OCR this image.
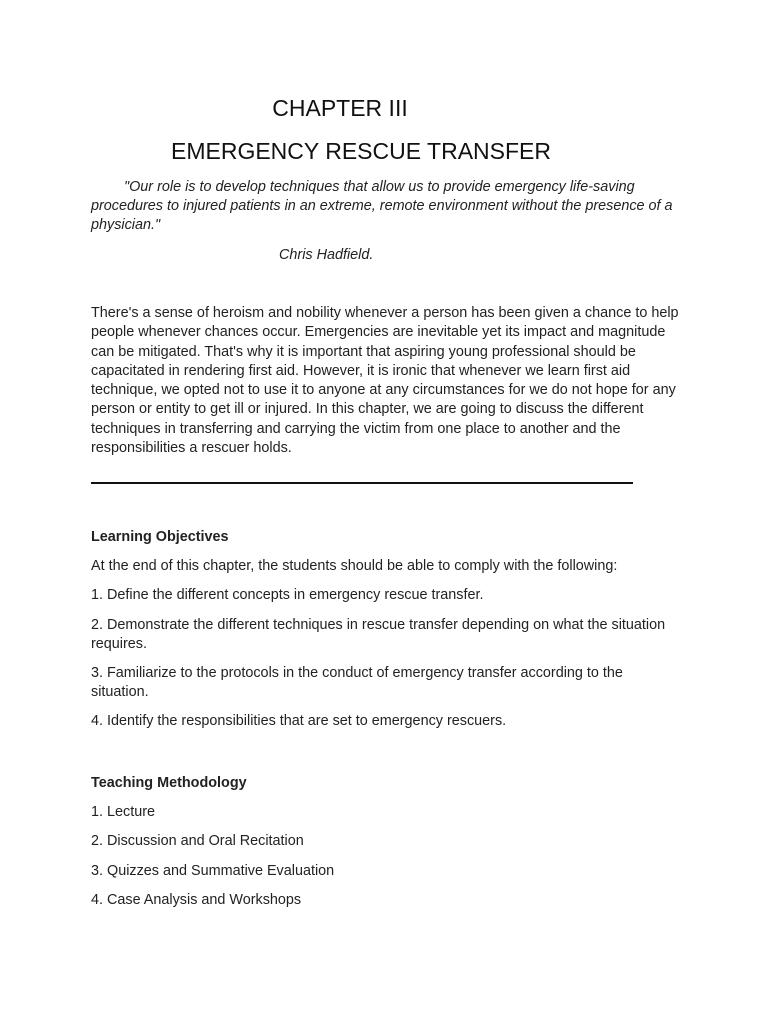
CHAPTER III
EMERGENCY RESCUE TRANSFER

"Our role is to develop techniques that allow us to provide emergency life-saving procedures to injured patients in an extreme, remote environment without the presence of a physician."

Chris Hadfield.

There's a sense of heroism and nobility whenever a person has been given a chance to help people whenever chances occur. Emergencies are inevitable yet its impact and magnitude can be mitigated. That's why it is important that aspiring young professional should be capacitated in rendering first aid. However, it is ironic that whenever we learn first aid technique, we opted not to use it to anyone at any circumstances for we do not hope for any person or entity to get ill or injured. In this chapter, we are going to discuss the different techniques in transferring and carrying the victim from one place to another and the responsibilities a rescuer holds.

Learning Objectives

At the end of this chapter, the students should be able to comply with the following:

1. Define the different concepts in emergency rescue transfer.

2. Demonstrate the different techniques in rescue transfer depending on what the situation requires.

3. Familiarize to the protocols in the conduct of emergency transfer according to the situation.

4. Identify the responsibilities that are set to emergency rescuers.

Teaching Methodology

1. Lecture

2. Discussion and Oral Recitation

3. Quizzes and Summative Evaluation

4. Case Analysis and Workshops
